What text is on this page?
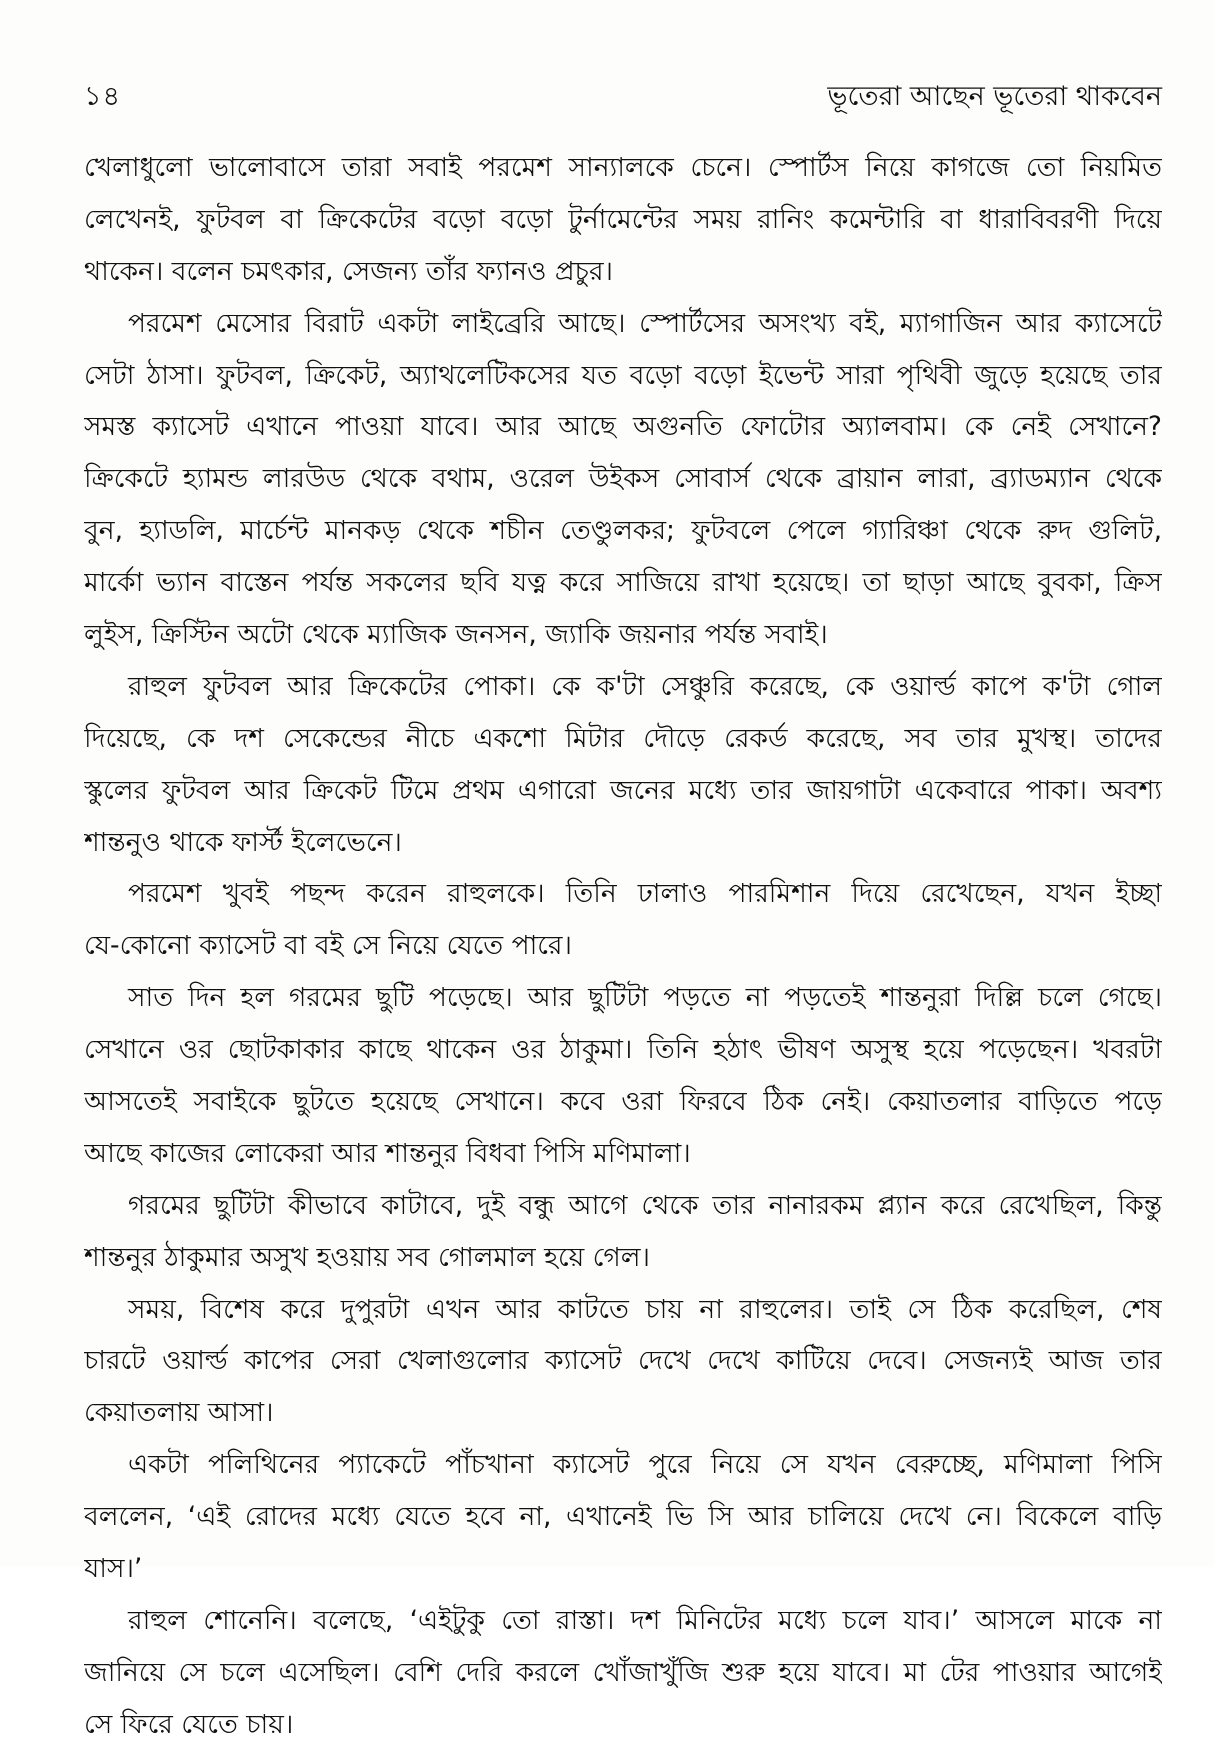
১৪	ভূতেরা আছেন ভূতেরা থাকবেন
খেলাধুলো ভালোবাসে তারা সবাই পরমেশ সান্যালকে চেনে। স্পোর্টস নিয়ে কাগজে তো নিয়মিত
লেখেনই, ফুটবল বা ক্রিকেটের বড়ো বড়ো টুর্নামেন্টের সময় রানিং কমেন্টারি বা ধারাবিবরণী দিয়ে
থাকেন। বলেন চমৎকার, সেজন্য তাঁর ফ্যানও প্রচুর।
পরমেশ মেসোর বিরাট একটা লাইব্রেরি আছে। স্পোর্টসের অসংখ্য বই, ম্যাগাজিন আর ক্যাসেটে
সেটা ঠাসা। ফুটবল, ক্রিকেট, অ্যাথলেটিকসের যত বড়ো বড়ো ইভেন্ট সারা পৃথিবী জুড়ে হয়েছে তার
সমস্ত ক্যাসেট এখানে পাওয়া যাবে। আর আছে অগুনতি ফোটোর অ্যালবাম। কে নেই সেখানে?
ক্রিকেটে হ্যামন্ড লারউড থেকে বথাম, ওরেল উইকস সোবার্স থেকে ব্রায়ান লারা, ব্র্যাডম্যান থেকে
বুন, হ্যাডলি, মার্চেন্ট মানকড় থেকে শচীন তেণ্ডুলকর; ফুটবলে পেলে গ্যারিঞ্চা থেকে রুদ গুলিট,
মার্কো ভ্যান বাস্তেন পর্যন্ত সকলের ছবি যত্ন করে সাজিয়ে রাখা হয়েছে। তা ছাড়া আছে বুবকা, ক্রিস
লুইস, ক্রিস্টিন অটো থেকে ম্যাজিক জনসন, জ্যাকি জয়নার পর্যন্ত সবাই।
রাহুল ফুটবল আর ক্রিকেটের পোকা। কে ক'টা সেঞ্চুরি করেছে, কে ওয়ার্ল্ড কাপে ক'টা গোল
দিয়েছে, কে দশ সেকেন্ডের নীচে একশো মিটার দৌড়ে রেকর্ড করেছে, সব তার মুখস্থ। তাদের
স্কুলের ফুটবল আর ক্রিকেট টিমে প্রথম এগারো জনের মধ্যে তার জায়গাটা একেবারে পাকা। অবশ্য
শান্তনুও থাকে ফার্স্ট ইলেভেনে।
পরমেশ খুবই পছন্দ করেন রাহুলকে। তিনি ঢালাও পারমিশান দিয়ে রেখেছেন, যখন ইচ্ছা
যে-কোনো ক্যাসেট বা বই সে নিয়ে যেতে পারে।
সাত দিন হল গরমের ছুটি পড়েছে। আর ছুটিটা পড়তে না পড়তেই শান্তনুরা দিল্লি চলে গেছে।
সেখানে ওর ছোটকাকার কাছে থাকেন ওর ঠাকুমা। তিনি হঠাৎ ভীষণ অসুস্থ হয়ে পড়েছেন। খবরটা
আসতেই সবাইকে ছুটতে হয়েছে সেখানে। কবে ওরা ফিরবে ঠিক নেই। কেয়াতলার বাড়িতে পড়ে
আছে কাজের লোকেরা আর শান্তনুর বিধবা পিসি মণিমালা।
গরমের ছুটিটা কীভাবে কাটাবে, দুই বন্ধু আগে থেকে তার নানারকম প্ল্যান করে রেখেছিল, কিন্তু
শান্তনুর ঠাকুমার অসুখ হওয়ায় সব গোলমাল হয়ে গেল।
সময়, বিশেষ করে দুপুরটা এখন আর কাটতে চায় না রাহুলের। তাই সে ঠিক করেছিল, শেষ
চারটে ওয়ার্ল্ড কাপের সেরা খেলাগুলোর ক্যাসেট দেখে দেখে কাটিয়ে দেবে। সেজন্যই আজ তার
কেয়াতলায় আসা।
একটা পলিথিনের প্যাকেটে পাঁচখানা ক্যাসেট পুরে নিয়ে সে যখন বেরুচ্ছে, মণিমালা পিসি
বললেন, ‘এই রোদের মধ্যে যেতে হবে না, এখানেই ভি সি আর চালিয়ে দেখে নে। বিকেলে বাড়ি
যাস।’
রাহুল শোনেনি। বলেছে, ‘এইটুকু তো রাস্তা। দশ মিনিটের মধ্যে চলে যাব।’ আসলে মাকে না
জানিয়ে সে চলে এসেছিল। বেশি দেরি করলে খোঁজাখুঁজি শুরু হয়ে যাবে। মা টের পাওয়ার আগেই
সে ফিরে যেতে চায়।
